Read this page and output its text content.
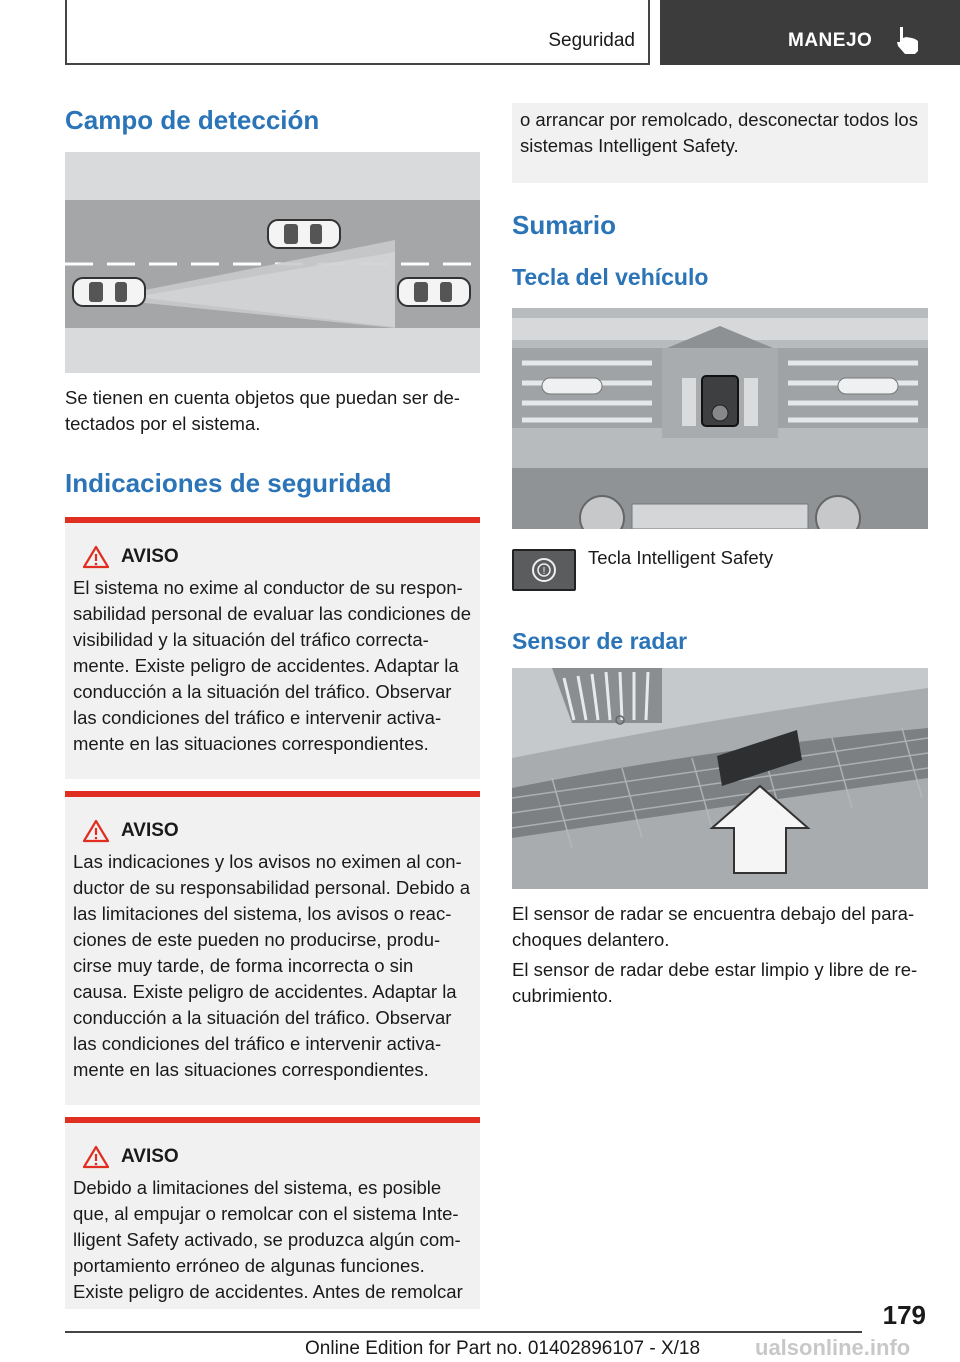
Seguridad	MANEJO
Campo de detección

Se tienen en cuenta objetos que puedan ser de- tectados por el sistema.

Indicaciones de seguridad
AVISO

El sistema no exime al conductor de su respon- sabilidad personal de evaluar las condiciones de visibilidad y la situación del tráfico correcta- mente. Existe peligro de accidentes. Adaptar la conducción a la situación del tráfico. Observar las condiciones del tráfico e intervenir activa- mente en las situaciones correspondientes.

AVISO

Las indicaciones y los avisos no eximen al con- ductor de su responsabilidad personal. Debido a las limitaciones del sistema, los avisos o reac- ciones de este pueden no producirse, produ- cirse muy tarde, de forma incorrecta o sin causa. Existe peligro de accidentes. Adaptar la conducción a la situación del tráfico. Observar las condiciones del tráfico e intervenir activa- mente en las situaciones correspondientes.

AVISO

Debido a limitaciones del sistema, es posible que, al empujar o remolcar con el sistema Inte- lligent Safety activado, se produzca algún com- portamiento erróneo de algunas funciones. Existe peligro de accidentes. Antes de remolcar

o arrancar por remolcado, desconectar todos los sistemas Intelligent Safety.

Sumario
Tecla del vehículo
!
Tecla Intelligent Safety
Sensor de radar

El sensor de radar se encuentra debajo del para- choques delantero.

El sensor de radar debe estar limpio y libre de re- cubrimiento.

179
Online Edition for Part no. 01402896107 - X/18 ualsonline.info
